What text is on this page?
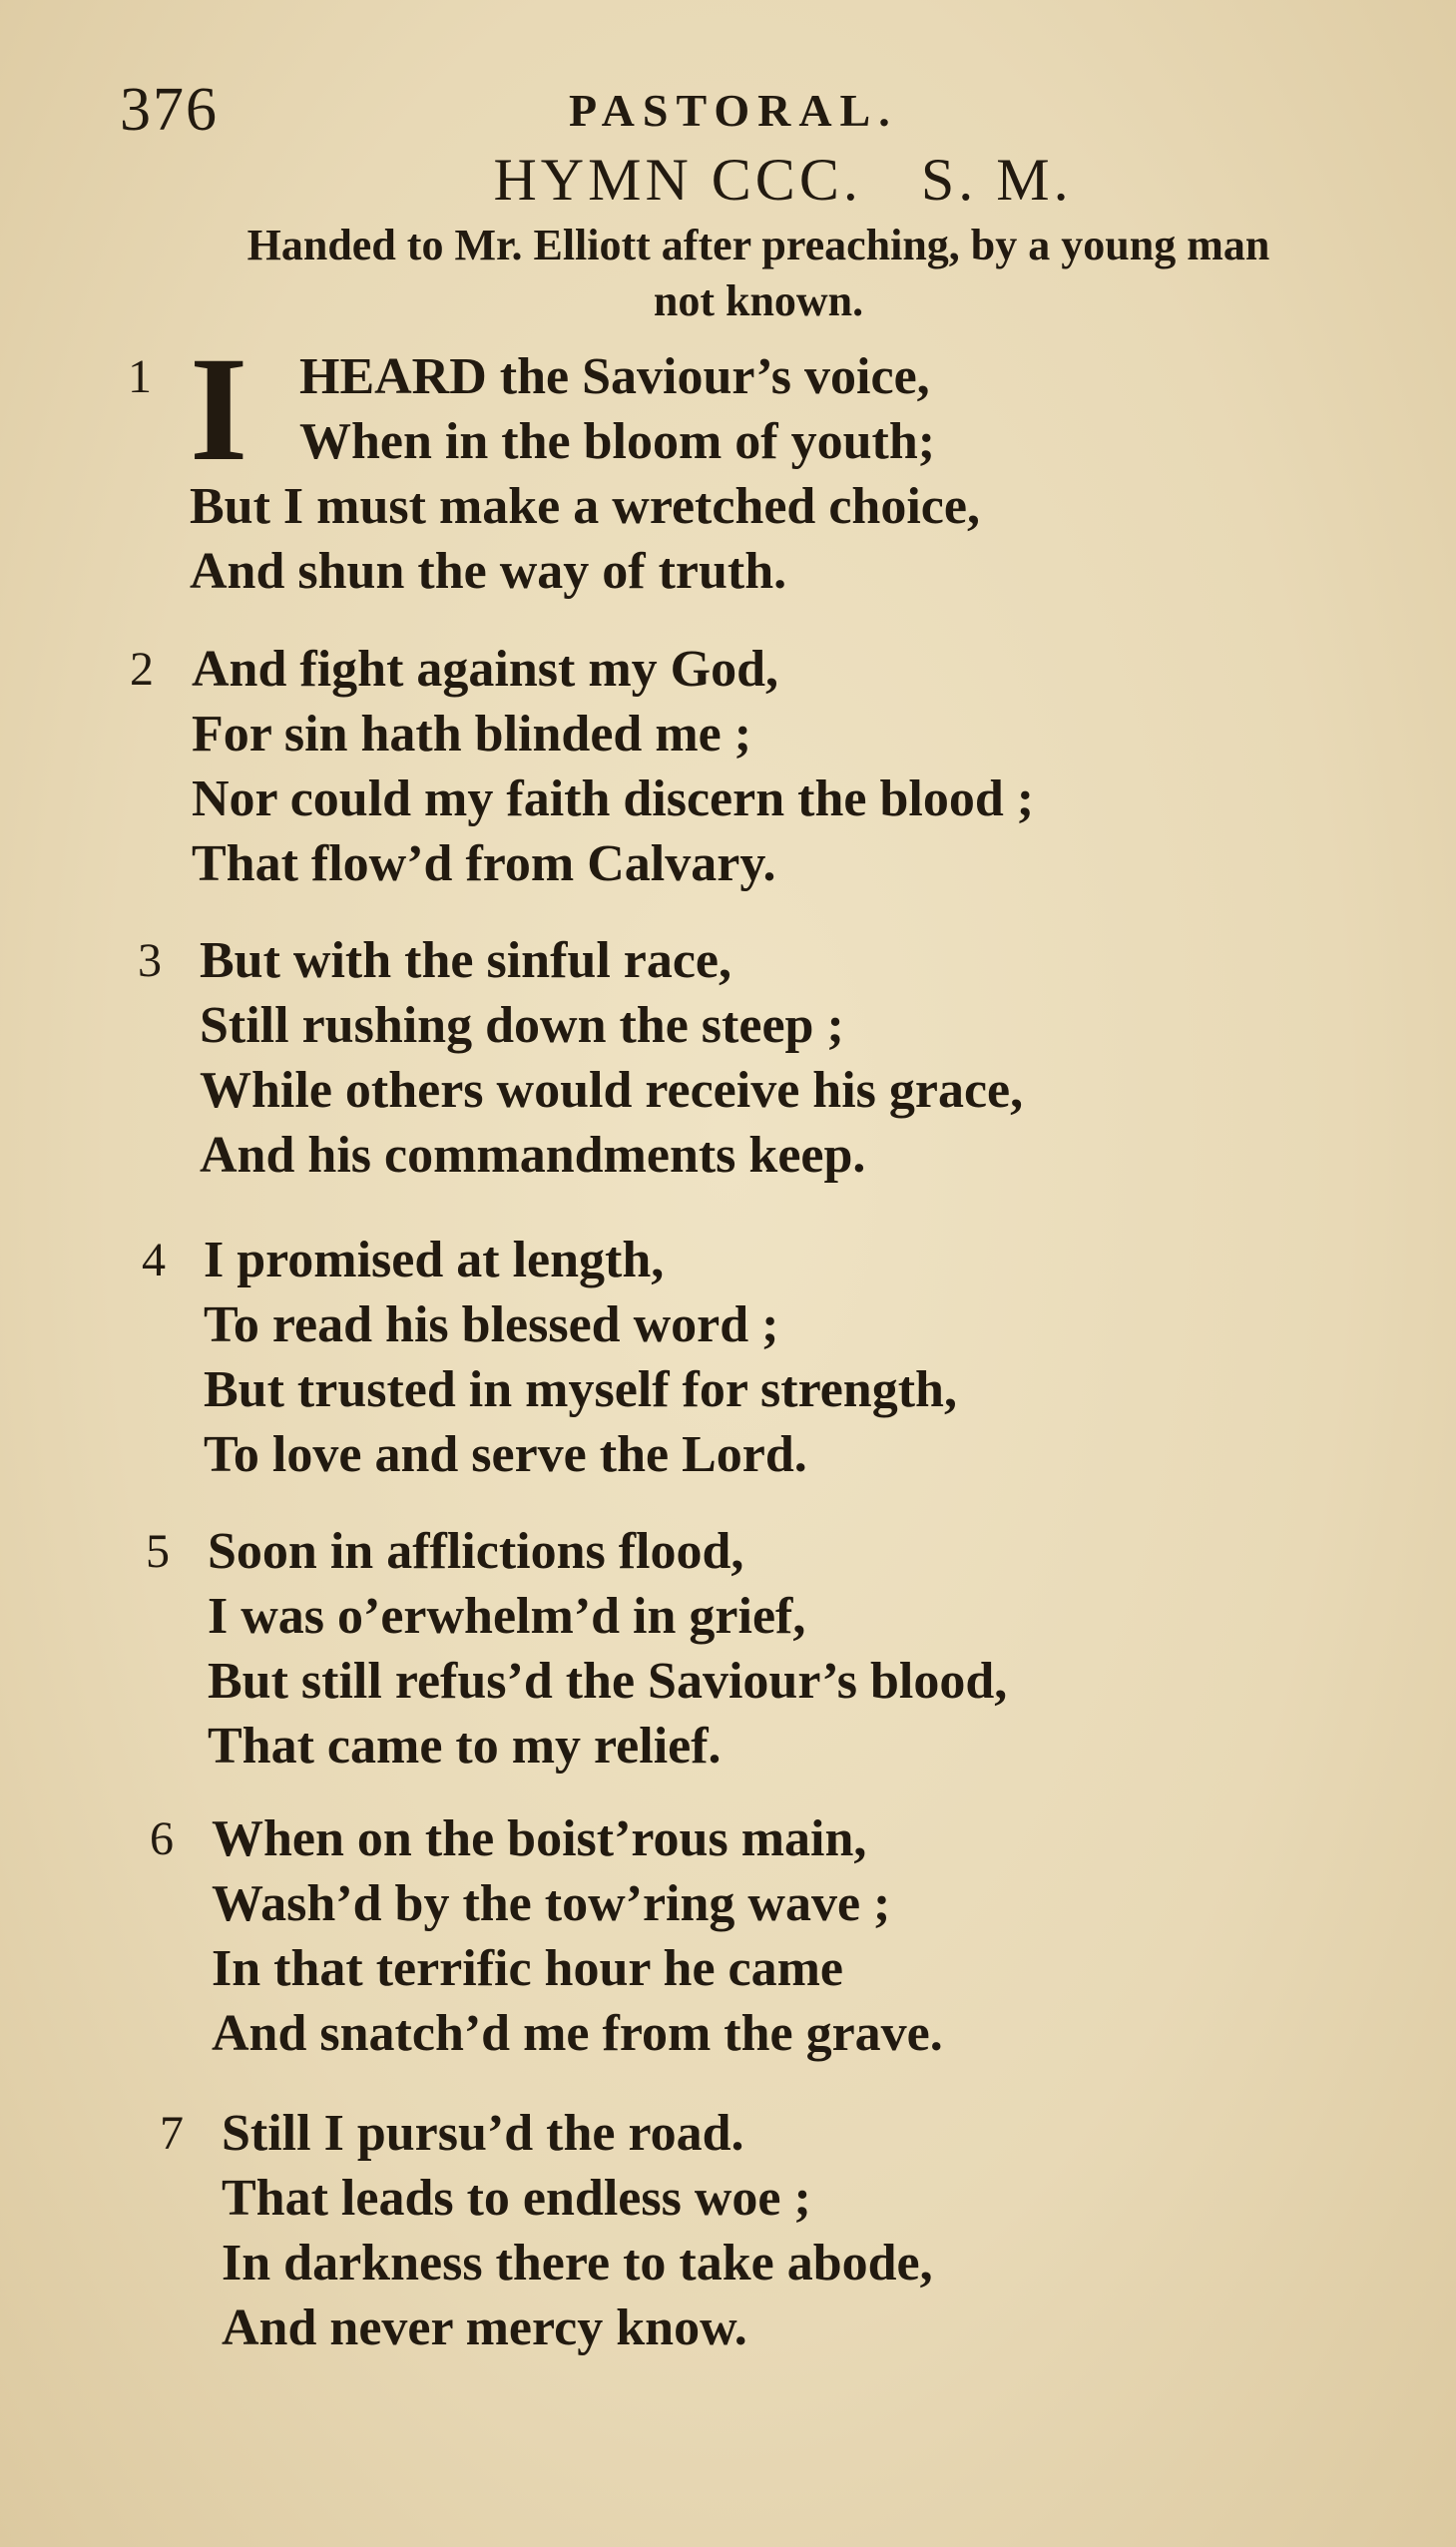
376	PASTORAL.
HYMN CCC. S. M.
Handed to Mr. Elliott after preaching, by a young man
not known.
I
1	HEARD the Saviour’s voice,
When in the bloom of youth;
But I must make a wretched choice,
And shun the way of truth.
2 And fight against my God,
For sin hath blinded me ;
Nor could my faith discern the blood ;
That flow’d from Calvary.
3 But with the sinful race,
Still rushing down the steep ;
While others would receive his grace,
And his commandments keep.
4 I promised at length,
To read his blessed word ;
But trusted in myself for strength,
To love and serve the Lord.
5 Soon in afflictions flood,
I was o’erwhelm’d in grief,
But still refus’d the Saviour’s blood,
That came to my relief.
6 When on the boist’rous main,
Wash’d by the tow’ring wave ;
In that terrific hour he came
And snatch’d me from the grave.
7 Still I pursu’d the road.
That leads to endless woe ;
In darkness there to take abode,
And never mercy know.
